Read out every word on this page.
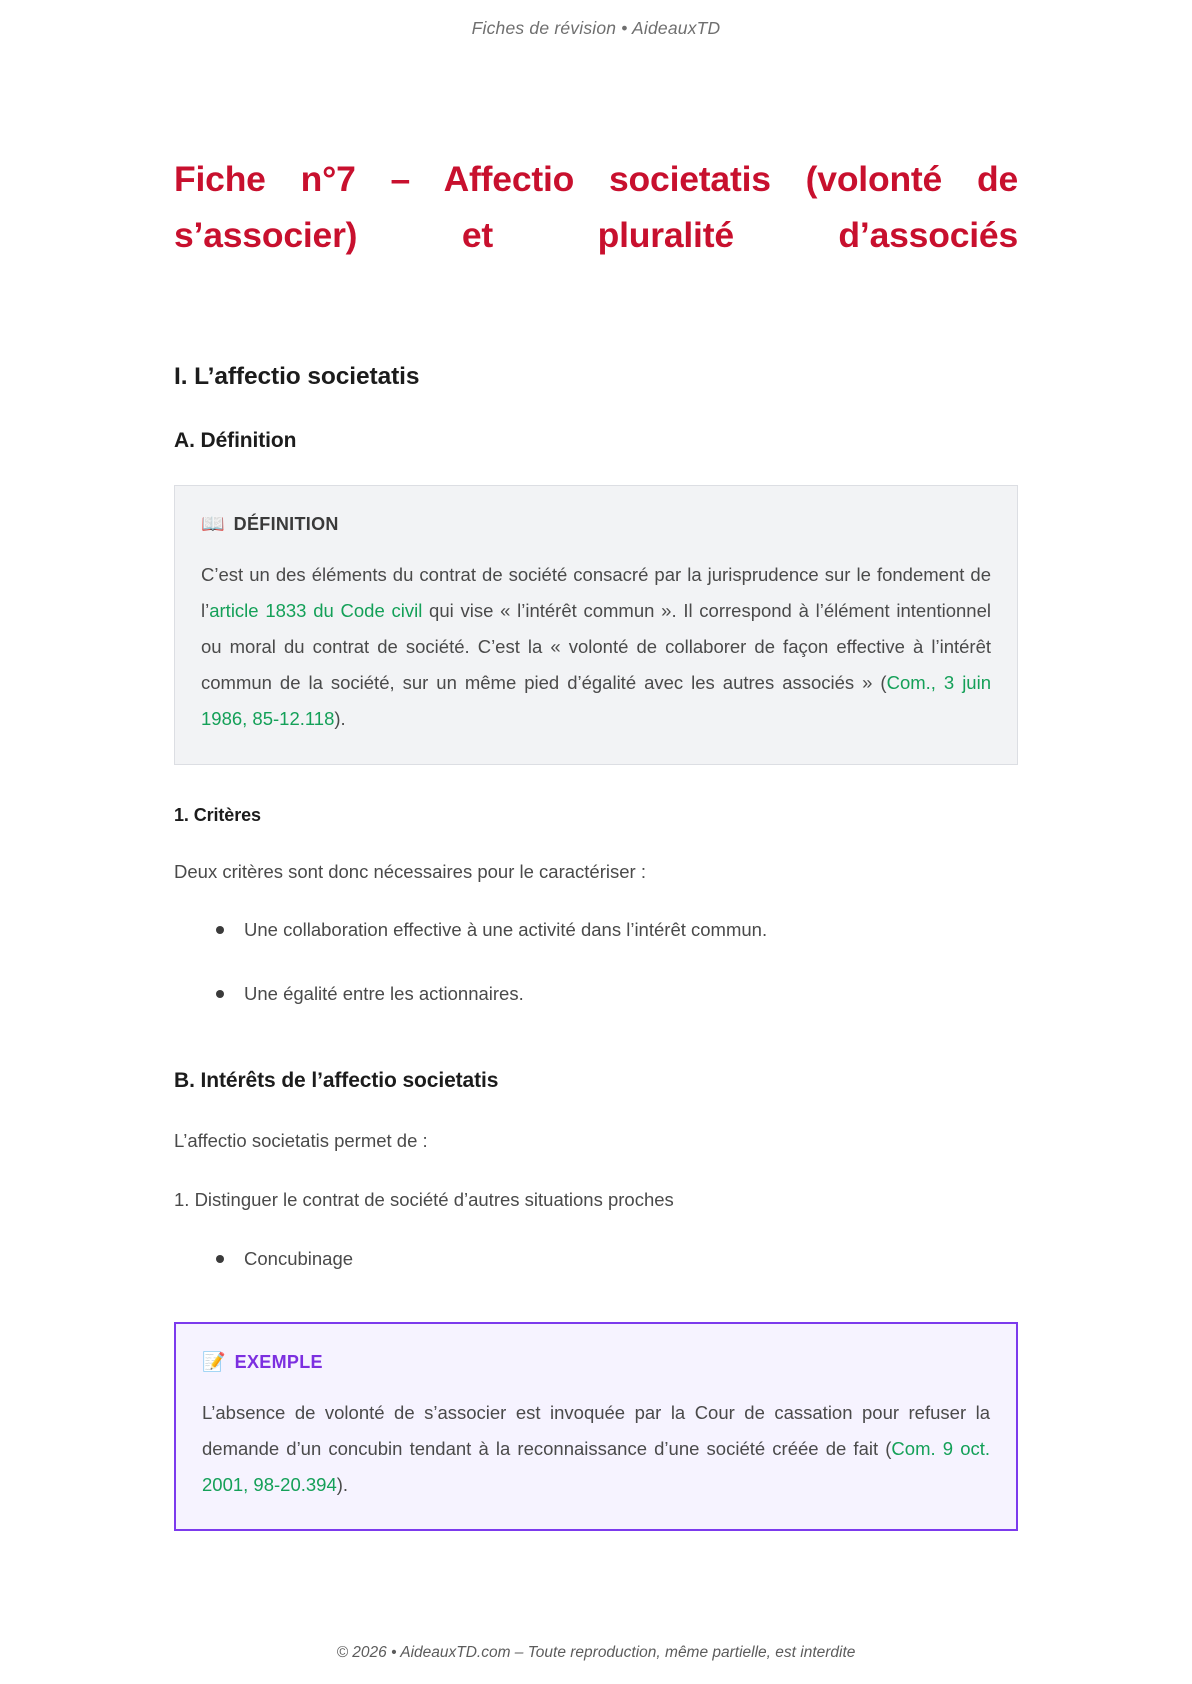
Fiches de révision • AideauxTD
Fiche n°7 – Affectio societatis (volonté de s’associer) et pluralité d’associés
I. L’affectio societatis
A. Définition
📖 DÉFINITION

C’est un des éléments du contrat de société consacré par la jurisprudence sur le fondement de l’article 1833 du Code civil qui vise « l’intérêt commun ». Il correspond à l’élément intentionnel ou moral du contrat de société. C’est la « volonté de collaborer de façon effective à l’intérêt commun de la société, sur un même pied d’égalité avec les autres associés » (Com., 3 juin 1986, 85-12.118).

1. Critères

Deux critères sont donc nécessaires pour le caractériser :

Une collaboration effective à une activité dans l’intérêt commun.
Une égalité entre les actionnaires.
B. Intérêts de l’affectio societatis

L’affectio societatis permet de :

1. Distinguer le contrat de société d’autres situations proches

Concubinage
📝 EXEMPLE

L’absence de volonté de s’associer est invoquée par la Cour de cassation pour refuser la demande d’un concubin tendant à la reconnaissance d’une société créée de fait (Com. 9 oct. 2001, 98-20.394).

© 2026 • AideauxTD.com – Toute reproduction, même partielle, est interdite
